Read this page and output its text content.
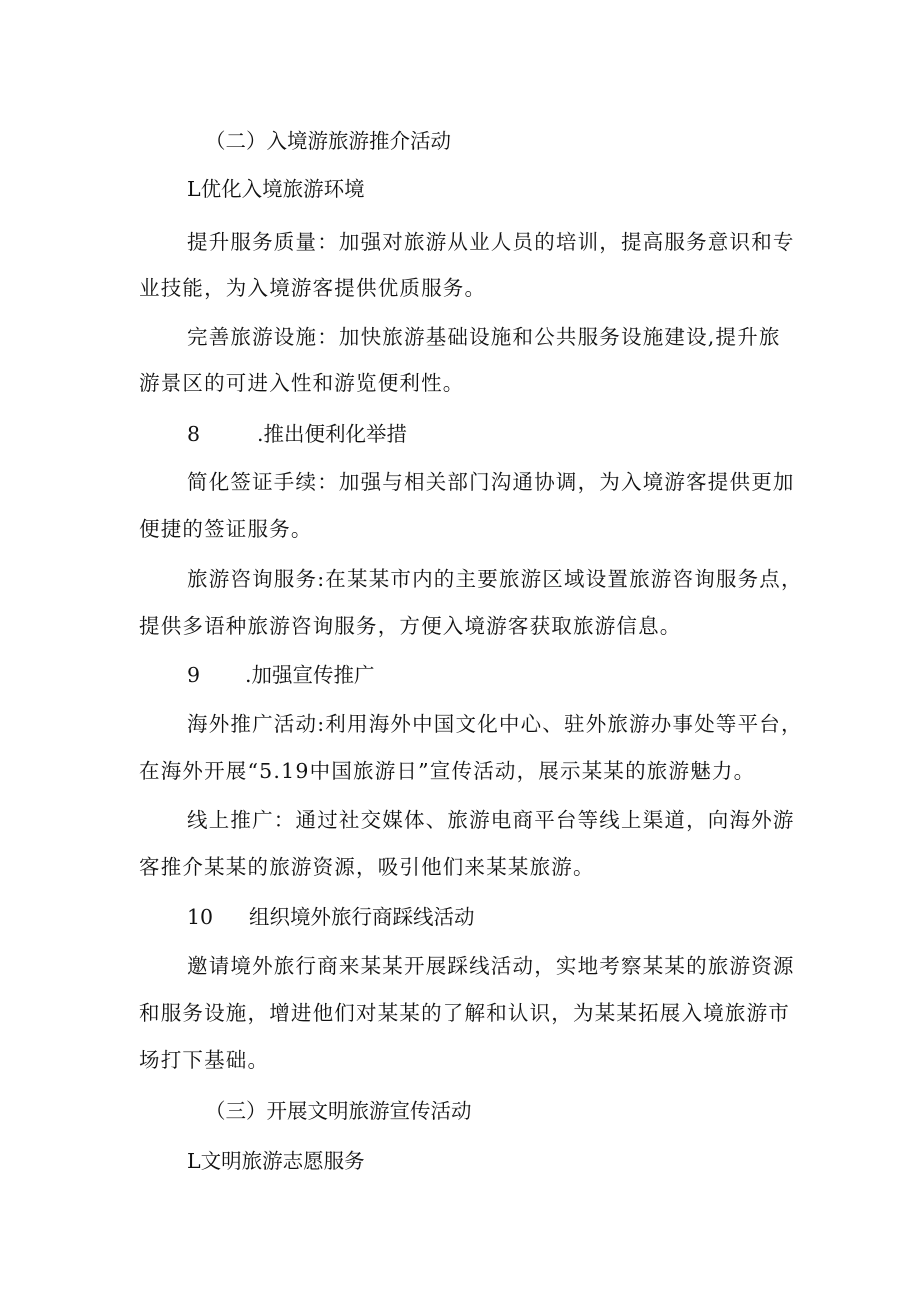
（二）入境游旅游推介活动
L优化入境旅游环境
提升服务质量：加强对旅游从业人员的培训，提高服务意识和专
业技能，为入境游客提供优质服务。
完善旅游设施：加快旅游基础设施和公共服务设施建设,提升旅
游景区的可进入性和游览便利性。
8	.推出便利化举措
简化签证手续：加强与相关部门沟通协调，为入境游客提供更加
便捷的签证服务。
旅游咨询服务:在某某市内的主要旅游区域设置旅游咨询服务点，
提供多语种旅游咨询服务，方便入境游客获取旅游信息。
9 .加强宣传推广
海外推广活动:利用海外中国文化中心、驻外旅游办事处等平台，
在海外开展“5.19中国旅游日”宣传活动，展示某某的旅游魅力。
线上推广：通过社交媒体、旅游电商平台等线上渠道，向海外游
客推介某某的旅游资源，吸引他们来某某旅游。
10 组织境外旅行商踩线活动
邀请境外旅行商来某某开展踩线活动，实地考察某某的旅游资源
和服务设施，增进他们对某某的了解和认识，为某某拓展入境旅游市
场打下基础。
（三）开展文明旅游宣传活动
L文明旅游志愿服务
